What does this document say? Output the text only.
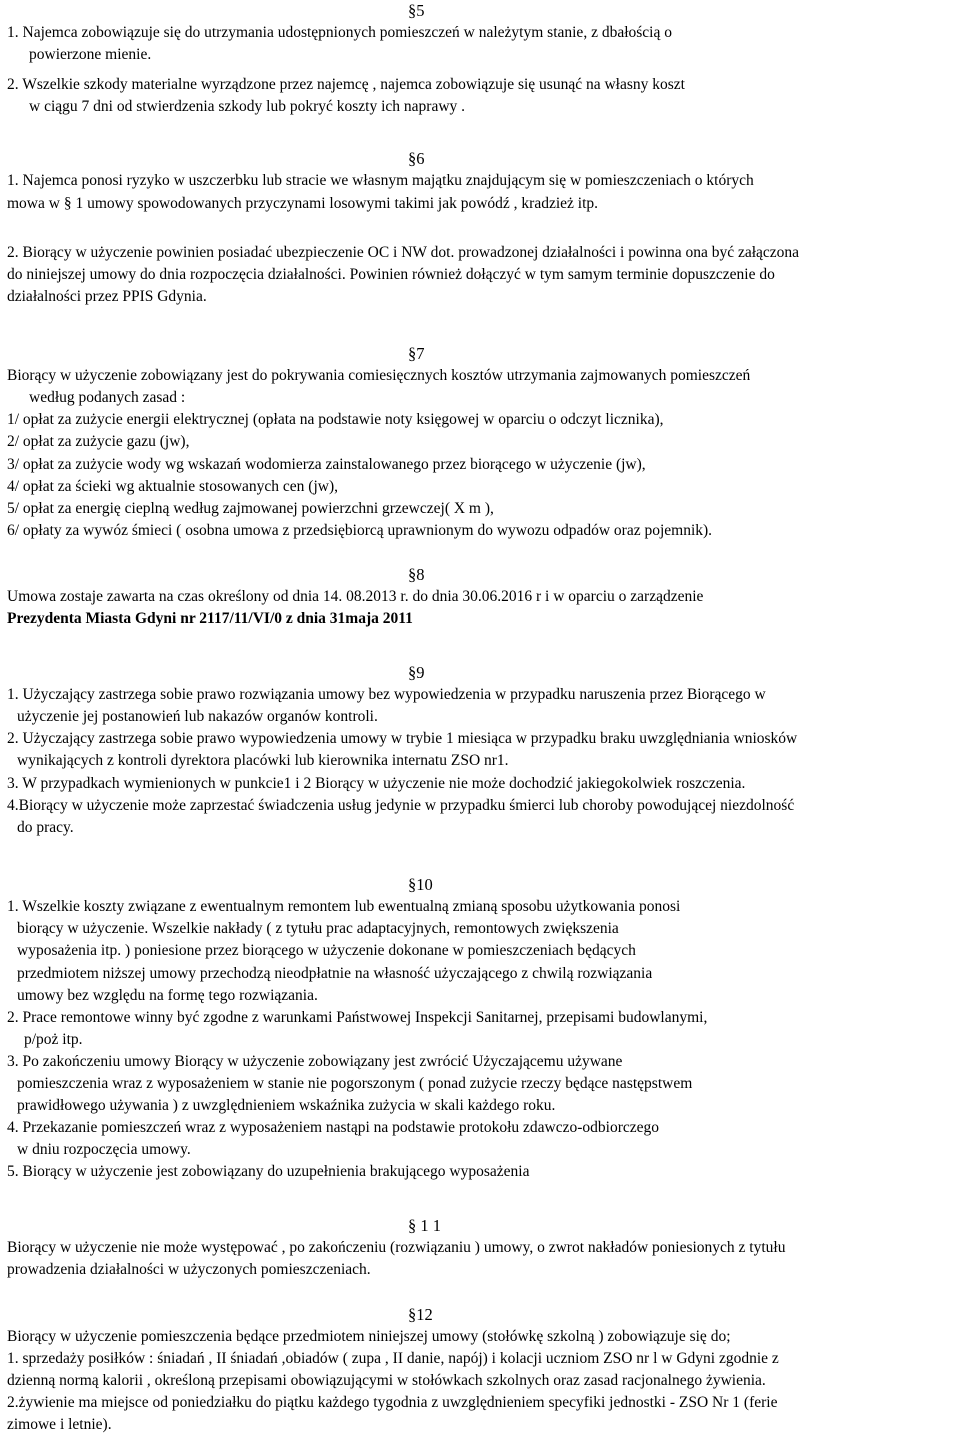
§5
1. Najemca zobowiązuje się do utrzymania udostępnionych pomieszczeń w należytym stanie, z dbałością o
powierzone mienie.
2. Wszelkie szkody materialne wyrządzone przez najemcę , najemca zobowiązuje się usunąć na własny koszt
w ciągu 7 dni od stwierdzenia szkody lub pokryć koszty ich naprawy .
§6
1. Najemca ponosi ryzyko w uszczerbku lub stracie we własnym majątku znajdującym się w pomieszczeniach o których
mowa w § 1 umowy spowodowanych przyczynami losowymi takimi jak powódź , kradzież itp.
2. Biorący w użyczenie powinien posiadać ubezpieczenie OC i NW dot. prowadzonej działalności i powinna ona być załączona
do niniejszej umowy do dnia rozpoczęcia działalności. Powinien również dołączyć w tym samym terminie dopuszczenie do
działalności przez PPIS Gdynia.
§7
Biorący w użyczenie zobowiązany jest do pokrywania comiesięcznych kosztów utrzymania zajmowanych pomieszczeń
według podanych zasad :
1/ opłat za zużycie energii elektrycznej (opłata na podstawie noty księgowej w oparciu o odczyt licznika),
2/ opłat za zużycie gazu (jw),
3/ opłat za zużycie wody wg wskazań wodomierza zainstalowanego przez biorącego w użyczenie (jw),
4/ opłat za ścieki wg aktualnie stosowanych cen (jw),
5/ opłat za energię cieplną według zajmowanej powierzchni grzewczej( X m ),
6/ opłaty za wywóz śmieci ( osobna umowa z przedsiębiorcą uprawnionym do wywozu odpadów oraz pojemnik).
§8
Umowa zostaje zawarta na czas określony od dnia 14. 08.2013 r. do dnia 30.06.2016 r i w oparciu o zarządzenie
Prezydenta Miasta Gdyni nr 2117/11/VI/0 z dnia 31maja 2011
§9
1. Użyczający zastrzega sobie prawo rozwiązania umowy bez wypowiedzenia w przypadku naruszenia przez Biorącego w
użyczenie jej postanowień lub nakazów organów kontroli.
2. Użyczający zastrzega sobie prawo wypowiedzenia umowy w trybie 1 miesiąca w przypadku braku uwzględniania wniosków
wynikających z kontroli dyrektora placówki lub kierownika internatu ZSO nr1.
3. W przypadkach wymienionych w punkcie1 i 2 Biorący w użyczenie nie może dochodzić jakiegokolwiek roszczenia.
4.Biorący w użyczenie może zaprzestać świadczenia usług jedynie w przypadku śmierci lub choroby powodującej niezdolność
do pracy.
§10
1. Wszelkie koszty związane z ewentualnym remontem lub ewentualną zmianą sposobu użytkowania ponosi
biorący w użyczenie. Wszelkie nakłady ( z tytułu prac adaptacyjnych, remontowych zwiększenia
wyposażenia itp. ) poniesione przez biorącego w użyczenie dokonane w pomieszczeniach będących
przedmiotem niższej umowy przechodzą nieodpłatnie na własność użyczającego z chwilą rozwiązania
umowy bez względu na formę tego rozwiązania.
2. Prace remontowe winny być zgodne z warunkami Państwowej Inspekcji Sanitarnej, przepisami budowlanymi,
p/poż itp.
3. Po zakończeniu umowy Biorący w użyczenie zobowiązany jest zwrócić Użyczającemu używane
pomieszczenia wraz z wyposażeniem w stanie nie pogorszonym ( ponad zużycie rzeczy będące następstwem
prawidłowego używania ) z uwzględnieniem wskaźnika zużycia w skali każdego roku.
4. Przekazanie pomieszczeń wraz z wyposażeniem nastąpi na podstawie protokołu zdawczo-odbiorczego
w dniu rozpoczęcia umowy.
5. Biorący w użyczenie jest zobowiązany do uzupełnienia brakującego wyposażenia
§ 1 1
Biorący w użyczenie nie może występować , po zakończeniu (rozwiązaniu ) umowy, o zwrot nakładów poniesionych z tytułu
prowadzenia działalności w użyczonych pomieszczeniach.
§12
Biorący w użyczenie pomieszczenia będące przedmiotem niniejszej umowy (stołówkę szkolną ) zobowiązuje się do;
1. sprzedaży posiłków : śniadań , II śniadań ,obiadów ( zupa , II danie, napój) i kolacji uczniom ZSO nr l w Gdyni zgodnie z
dzienną normą kalorii , określoną przepisami obowiązującymi w stołówkach szkolnych oraz zasad racjonalnego żywienia.
2.żywienie ma miejsce od poniedziałku do piątku każdego tygodnia z uwzględnieniem specyfiki jednostki - ZSO Nr 1 (ferie
zimowe i letnie).
